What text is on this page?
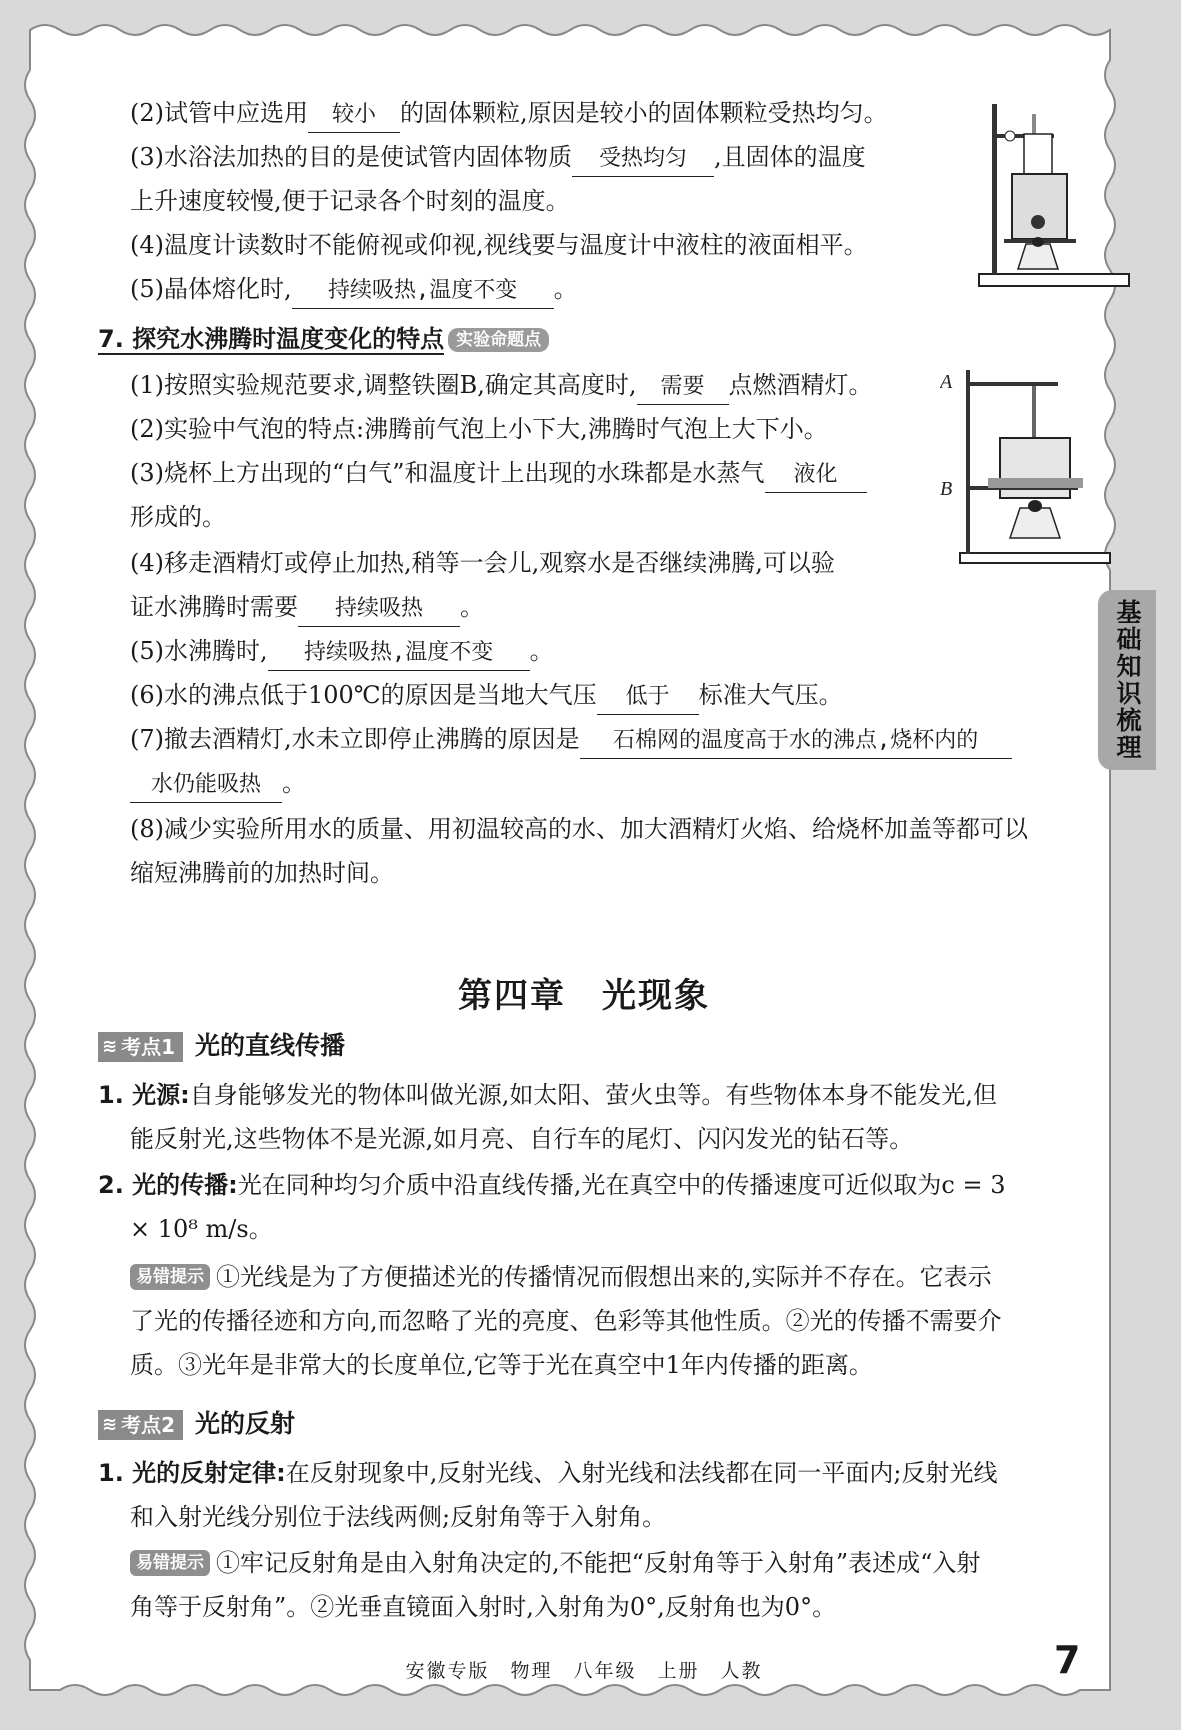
基础知识梳理
(2)试管中应选用 较小 的固体颗粒,原因是较小的固体颗粒受热均匀。
(3)水浴法加热的目的是使试管内固体物质 受热均匀 ,且固体的温度
上升速度较慢,便于记录各个时刻的温度。
(4)温度计读数时不能俯视或仰视,视线要与温度计中液柱的液面相平。
(5)晶体熔化时, 持续吸热,温度不变 。
7. 探究水沸腾时温度变化的特点 实验命题点
(1)按照实验规范要求,调整铁圈B,确定其高度时, 需要 点燃酒精灯。
(2)实验中气泡的特点:沸腾前气泡上小下大,沸腾时气泡上大下小。
(3)烧杯上方出现的“白气”和温度计上出现的水珠都是水蒸气 液化
形成的。
(4)移走酒精灯或停止加热,稍等一会儿,观察水是否继续沸腾,可以验
证水沸腾时需要 持续吸热 。
(5)水沸腾时, 持续吸热,温度不变 。
(6)水的沸点低于100℃的原因是当地大气压 低于 标准大气压。
(7)撤去酒精灯,水未立即停止沸腾的原因是 石棉网的温度高于水的沸点,烧杯内的
水仍能吸热 。
(8)减少实验所用水的质量、用初温较高的水、加大酒精灯火焰、给烧杯加盖等都可以
缩短沸腾前的加热时间。
A
B
第四章　光现象
≋ 考点1 光的直线传播
1. 光源:自身能够发光的物体叫做光源,如太阳、萤火虫等。有些物体本身不能发光,但
能反射光,这些物体不是光源,如月亮、自行车的尾灯、闪闪发光的钻石等。
2. 光的传播:光在同种均匀介质中沿直线传播,光在真空中的传播速度可近似取为c = 3
× 10⁸ m/s。
易错提示 ①光线是为了方便描述光的传播情况而假想出来的,实际并不存在。它表示
了光的传播径迹和方向,而忽略了光的亮度、色彩等其他性质。②光的传播不需要介
质。③光年是非常大的长度单位,它等于光在真空中1年内传播的距离。
≋ 考点2 光的反射
1. 光的反射定律:在反射现象中,反射光线、入射光线和法线都在同一平面内;反射光线
和入射光线分别位于法线两侧;反射角等于入射角。
易错提示 ①牢记反射角是由入射角决定的,不能把“反射角等于入射角”表述成“入射
角等于反射角”。②光垂直镜面入射时,入射角为0°,反射角也为0°。
安徽专版　物理　八年级　上册　人教	7
